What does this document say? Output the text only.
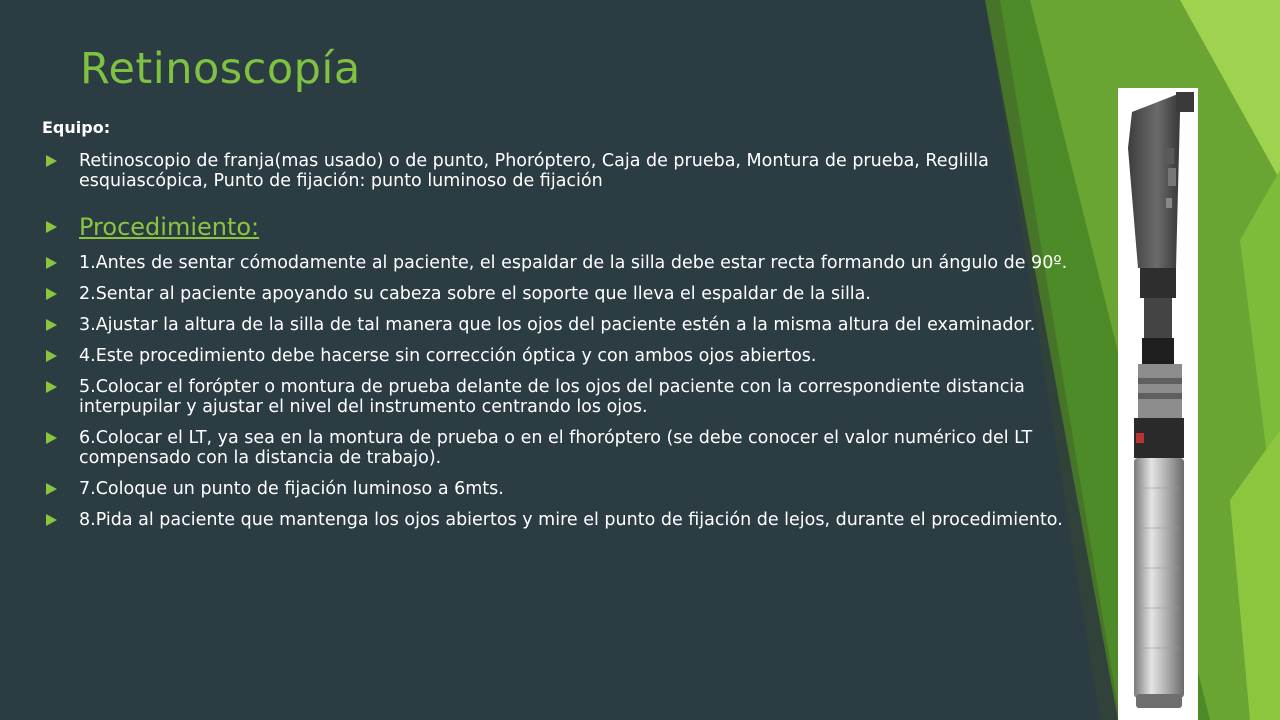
Retinoscopía
Equipo:
Retinoscopio de franja(mas usado) o de punto, Phoróptero, Caja de prueba, Montura de prueba, Reglilla esquiascópica, Punto de fijación: punto luminoso de fijación
Procedimiento:
1.Antes de sentar cómodamente al paciente, el espaldar de la silla debe estar recta formando un ángulo de 90º.
2.Sentar al paciente apoyando su cabeza sobre el soporte que lleva el espaldar de la silla.
3.Ajustar la altura de la silla de tal manera que los ojos del paciente estén a la misma altura del examinador.
4.Este procedimiento debe hacerse sin corrección óptica y con ambos ojos abiertos.
5.Colocar el forópter o montura de prueba delante de los ojos del paciente con la correspondiente distancia interpupilar y ajustar el nivel del instrumento centrando los ojos.
6.Colocar el LT, ya sea en la montura de prueba o en el fhoróptero (se debe conocer el valor numérico del LT compensado con la distancia de trabajo).
7.Coloque un punto de fijación luminoso a 6mts.
8.Pida al paciente que mantenga los ojos abiertos y mire el punto de fijación de lejos, durante el procedimiento.
